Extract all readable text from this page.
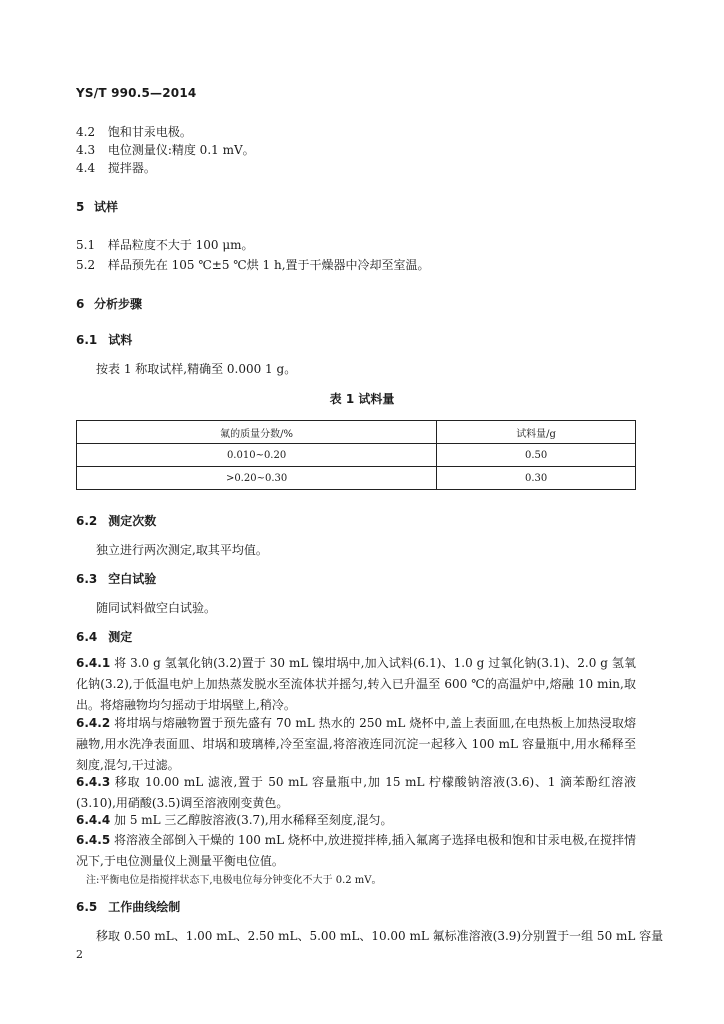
YS/T 990.5—2014
4.2 饱和甘汞电极。
4.3 电位测量仪:精度 0.1 mV。
4.4 搅拌器。
5 试样
5.1 样品粒度不大于 100 μm。
5.2 样品预先在 105 ℃±5 ℃烘 1 h,置于干燥器中冷却至室温。
6 分析步骤
6.1 试料
按表 1 称取试样,精确至 0.000 1 g。
表 1 试料量
氟的质量分数/%	试料量/g
0.010~0.20	0.50
>0.20~0.30	0.30
6.2 测定次数
独立进行两次测定,取其平均值。
6.3 空白试验
随同试料做空白试验。
6.4 测定
6.4.1 将 3.0 g 氢氧化钠(3.2)置于 30 mL 镍坩埚中,加入试料(6.1)、1.0 g 过氧化钠(3.1)、2.0 g 氢氧化钠(3.2),于低温电炉上加热蒸发脱水至流体状并摇匀,转入已升温至 600 ℃的高温炉中,熔融 10 min,取出。将熔融物均匀摇动于坩埚壁上,稍冷。
6.4.2 将坩埚与熔融物置于预先盛有 70 mL 热水的 250 mL 烧杯中,盖上表面皿,在电热板上加热浸取熔融物,用水洗净表面皿、坩埚和玻璃棒,冷至室温,将溶液连同沉淀一起移入 100 mL 容量瓶中,用水稀释至刻度,混匀,干过滤。
6.4.3 移取 10.00 mL 滤液,置于 50 mL 容量瓶中,加 15 mL 柠檬酸钠溶液(3.6)、1 滴苯酚红溶液(3.10),用硝酸(3.5)调至溶液刚变黄色。
6.4.4 加 5 mL 三乙醇胺溶液(3.7),用水稀释至刻度,混匀。
6.4.5 将溶液全部倒入干燥的 100 mL 烧杯中,放进搅拌棒,插入氟离子选择电极和饱和甘汞电极,在搅拌情况下,于电位测量仪上测量平衡电位值。
注:平衡电位是指搅拌状态下,电极电位每分钟变化不大于 0.2 mV。
6.5 工作曲线绘制
移取 0.50 mL、1.00 mL、2.50 mL、5.00 mL、10.00 mL 氟标准溶液(3.9)分别置于一组 50 mL 容量
2
